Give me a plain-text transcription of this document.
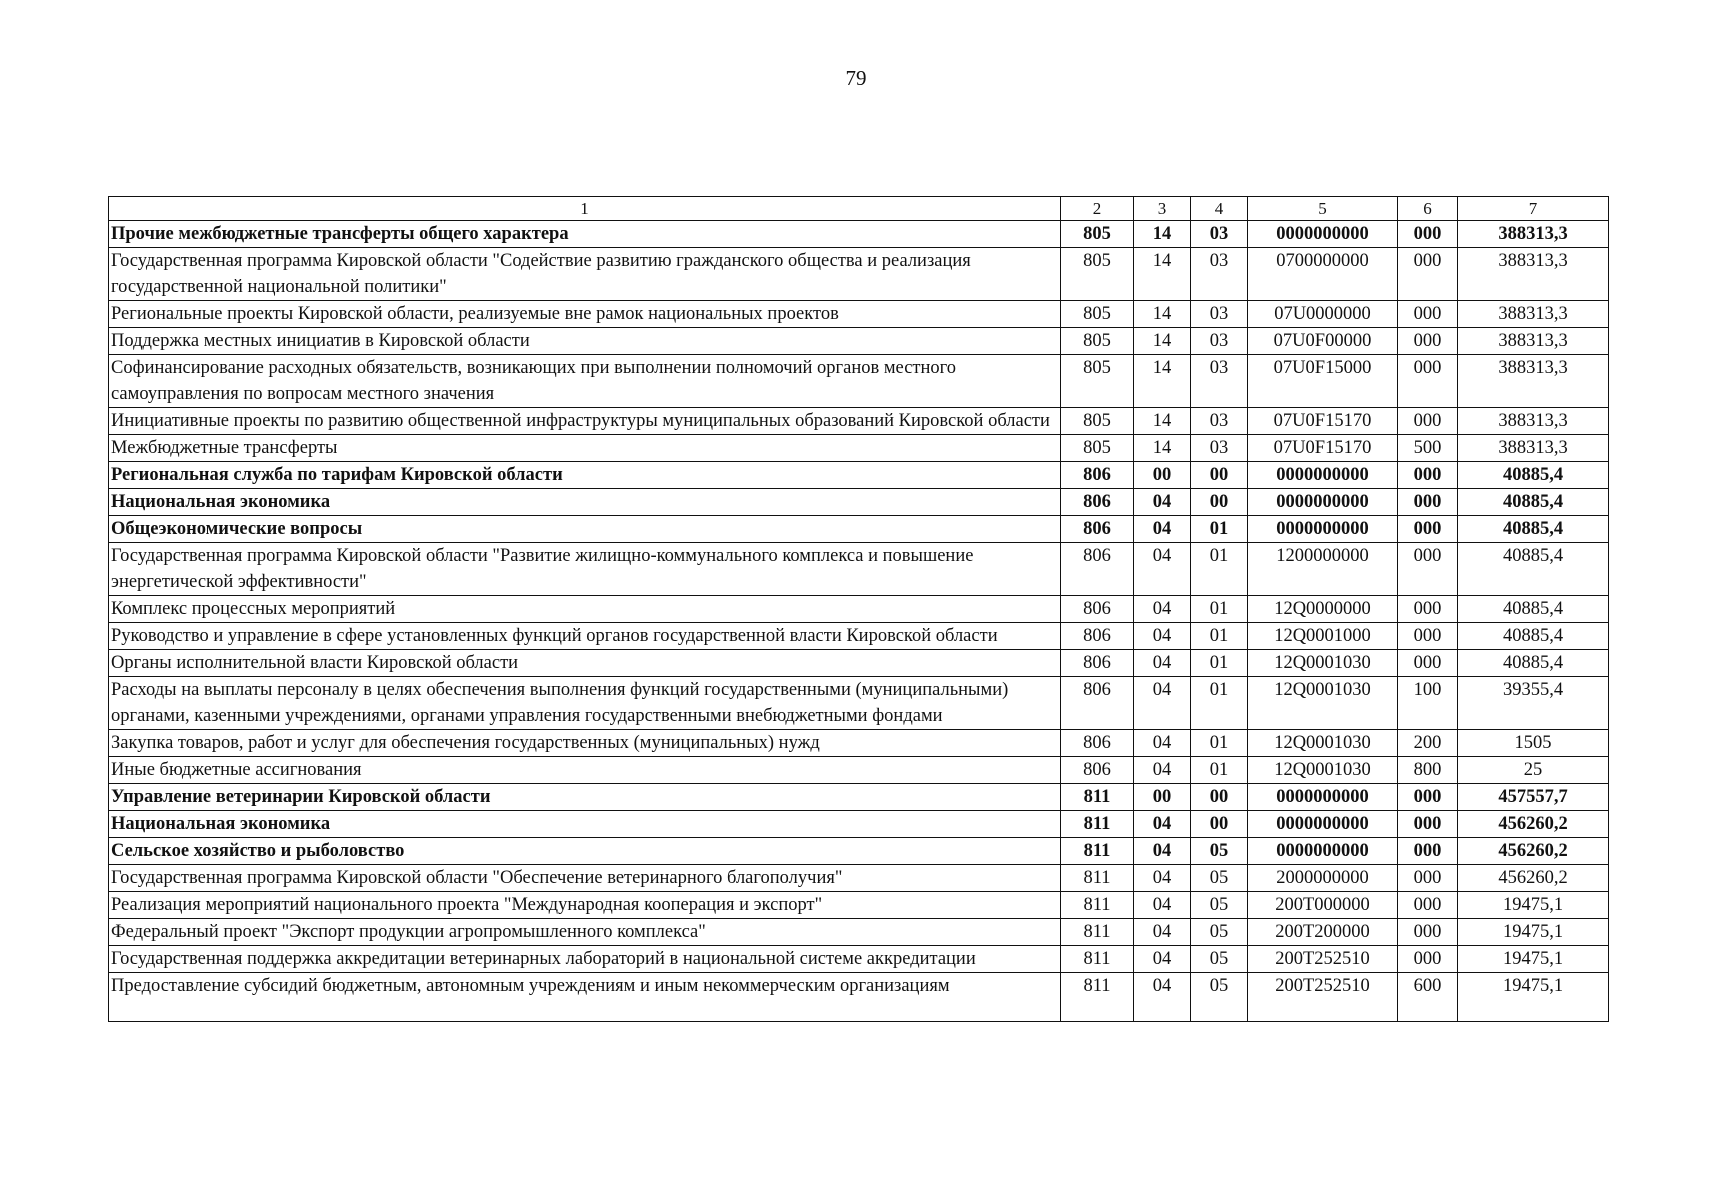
79
1	2	3	4	5	6	7
Прочие межбюджетные трансферты общего характера	805	14	03	0000000000	000	388313,3
Государственная программа Кировской области "Содействие развитию гражданского общества и реализация государственной национальной политики"	805	14	03	0700000000	000	388313,3
Региональные проекты Кировской области, реализуемые вне рамок национальных проектов	805	14	03	07U0000000	000	388313,3
Поддержка местных инициатив в Кировской области	805	14	03	07U0F00000	000	388313,3
Софинансирование расходных обязательств, возникающих при выполнении полномочий органов местного самоуправления по вопросам местного значения	805	14	03	07U0F15000	000	388313,3
Инициативные проекты по развитию общественной инфраструктуры муниципальных образований Кировской области	805	14	03	07U0F15170	000	388313,3
Межбюджетные трансферты	805	14	03	07U0F15170	500	388313,3
Региональная служба по тарифам Кировской области	806	00	00	0000000000	000	40885,4
Национальная экономика	806	04	00	0000000000	000	40885,4
Общеэкономические вопросы	806	04	01	0000000000	000	40885,4
Государственная программа Кировской области "Развитие жилищно-коммунального комплекса и повышение энергетической эффективности"	806	04	01	1200000000	000	40885,4
Комплекс процессных мероприятий	806	04	01	12Q0000000	000	40885,4
Руководство и управление в сфере установленных функций органов государственной власти Кировской области	806	04	01	12Q0001000	000	40885,4
Органы исполнительной власти Кировской области	806	04	01	12Q0001030	000	40885,4
Расходы на выплаты персоналу в целях обеспечения выполнения функций государственными (муниципальными) органами, казенными учреждениями, органами управления государственными внебюджетными фондами	806	04	01	12Q0001030	100	39355,4
Закупка товаров, работ и услуг для обеспечения государственных (муниципальных) нужд	806	04	01	12Q0001030	200	1505
Иные бюджетные ассигнования	806	04	01	12Q0001030	800	25
Управление ветеринарии Кировской области	811	00	00	0000000000	000	457557,7
Национальная экономика	811	04	00	0000000000	000	456260,2
Сельское хозяйство и рыболовство	811	04	05	0000000000	000	456260,2
Государственная программа Кировской области "Обеспечение ветеринарного благополучия"	811	04	05	2000000000	000	456260,2
Реализация мероприятий национального проекта "Международная кооперация и экспорт"	811	04	05	200T000000	000	19475,1
Федеральный проект "Экспорт продукции агропромышленного комплекса"	811	04	05	200T200000	000	19475,1
Государственная поддержка аккредитации ветеринарных лабораторий в национальной системе аккредитации	811	04	05	200T252510	000	19475,1
Предоставление субсидий бюджетным, автономным учреждениям и иным некоммерческим организациям	811	04	05	200T252510	600	19475,1
